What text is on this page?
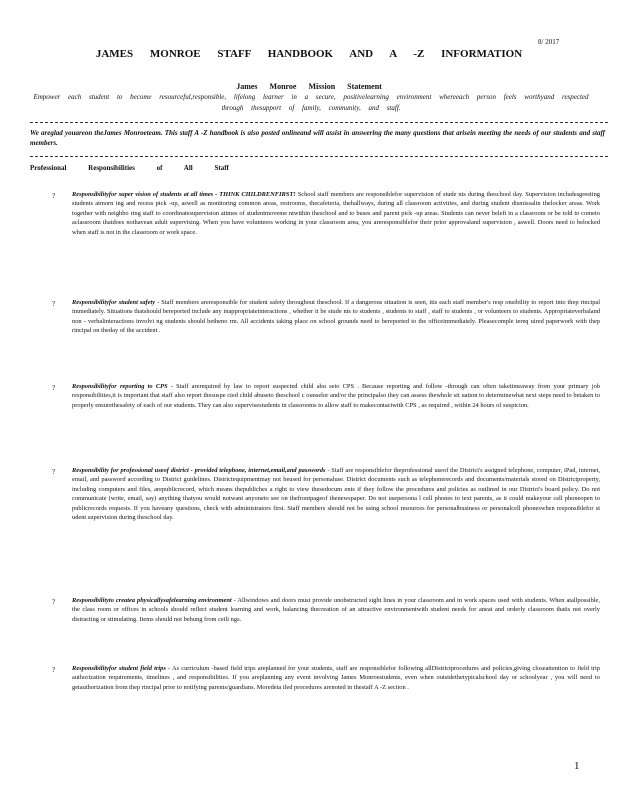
8/ 2017
JAMES MONROE STAFF HANDBOOK AND A -Z INFORMATION
James Monroe Mission Statement
Empower each student to become resourceful,responsible, lifelong learner in a secure, positivelearning environment whereeach person feels worthyand respected through thesupport of family, community, and staff.
We areglad youareon theJames Monroeteam. This staff A -Z handbook is also posted onlineand will assist in answering the many questions that arisein meeting the needs of our students and staff members.
Professional Responsibilities of All Staff
?	Responsibilityfor super vision of students at all times - THINK CHILDRENFIRST! School staff members are responsiblefor supervision of stude nts during theschool day. Supervision includesgreeting students atmorn ing and recess pick -up, aswell as monitoring common areas, restrooms, thecafeteria, thehallways, during all classroom activities, and during student dismissalin thelocker areas. Work together with neighbo ring staff to coordinatesupervision atimes of studentmoveme ntwithin theschool and to buses and parent pick -up areas. Students can never beleft in a classroom or be told to cometo aclassroom thatdoes nothavean adult supervising. When you have volunteers working in your classroom area, you areresponsiblefor their prior approvaland supervision , aswell. Doors need to belocked when staff is not in the classroom or work space.
?	Responsibilityfor student safety - Staff members areresponsible for student safety throughout theschool. If a dangerous situation is seen, itis each staff member's resp onsibility to report into thep rincipal immediately. Situations thatshould bereported include any inappropriateinteractions , whether it be stude nts to students , students to staff , staff to students , or volunteers to students. Appropriateverbaland non - verbalinteractions involvi ng students should betheno rm. All accidents taking place on school grounds need to bereported to the officeimmediately. Pleasecomple tereq uired paperwork with thep rincipal on theday of the accident .
?	Responsibilityfor reporting to CPS - Staff arerequired by law to report suspected child abu seto CPS . Because reporting and follow -through can often taketimeaway from your primary job responsibilities,it is important that staff also report thesuspe cted child abuseto theschool c ounselor and/or the principalso they can assess thewhole sit uation to determinewhat next steps need to betaken to properly ensurethesafety of each of our students. They can also supervisestudents in classrooms to allow staff to makecontactwith CPS , as required , within 24 hours of suspicion.
?	Responsibility for professional useof district - provided telephone, internet,email,and passwords - Staff are responsiblefor theprofessional useof the District's assigned telephone, computer, iPad, internet, email, and password according to District guidelines. Districtequipmentmay not beused for personaluse. District documents such as telephonerecords and documents/materials stored on Districtproperty, including computers and files, arepublicrecord, which means thepubliches a right to view thesedocum ents if they follow the procedures and policies as outlined in our District's board policy. Do not communicate (write, email, say) anything thatyou would notwant anyoneto see on thefrontpageof thenewspaper. Do not usepersona l cell phones to text parents, as it could makeyour cell phoneopen to publicrecords requests. If you haveany questions, check with administrators first. Staff members should not be using school resources for personalbusiness or personalcell phoneswhen responsiblefor st udent supervision during theschool day.
?	Responsibilityto createa physicallysafelearning environment - Allwindows and doors must provide unobstructed sight lines in your classroom and in work spaces used with students. When atallpossible, the class room or offices in schools should reflect student learning and work, balancing thecreation of an attractive environmentwith student needs for aneat and orderly classroom thatis not overly distracting or stimulating. Items should not behung from ceili ngs.
?	Responsibilityfor student field trips - As curriculum -based field trips areplanned for your students, staff are responsiblefor following allDistrictprocedures and policies,giving closeattention to field trip authorization requirements, timelines , and responsibilities. If you areplanning any event involving James Monroestudents, even when outsidethetypicalschool day or schoolyear , you will need to getauthorization from thep rincipal prior to notifying parents/guardians. Moredeta iled procedures arenoted in thestaff A -Z section .
1
